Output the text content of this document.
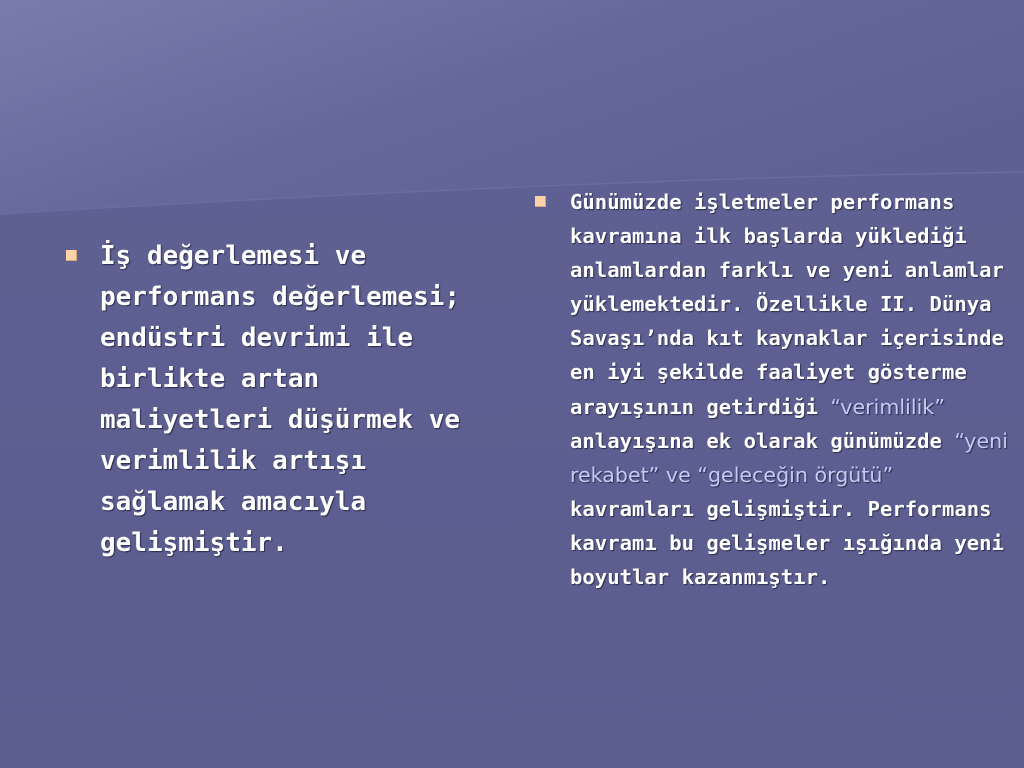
İş değerlemesi ve performans değerlemesi; endüstri devrimi ile birlikte artan maliyetleri düşürmek ve verimlilik artışı sağlamak amacıyla gelişmiştir.

Günümüzde işletmeler performans kavramına ilk başlarda yüklediği anlamlardan farklı ve yeni anlamlar yüklemektedir. Özellikle II. Dünya Savaşı’nda kıt kaynaklar içerisinde en iyi şekilde faaliyet gösterme arayışının getirdiği “verimlilik” anlayışına ek olarak günümüzde “yeni rekabet” ve “geleceğin örgütü” kavramları gelişmiştir. Performans kavramı bu gelişmeler ışığında yeni boyutlar kazanmıştır.
